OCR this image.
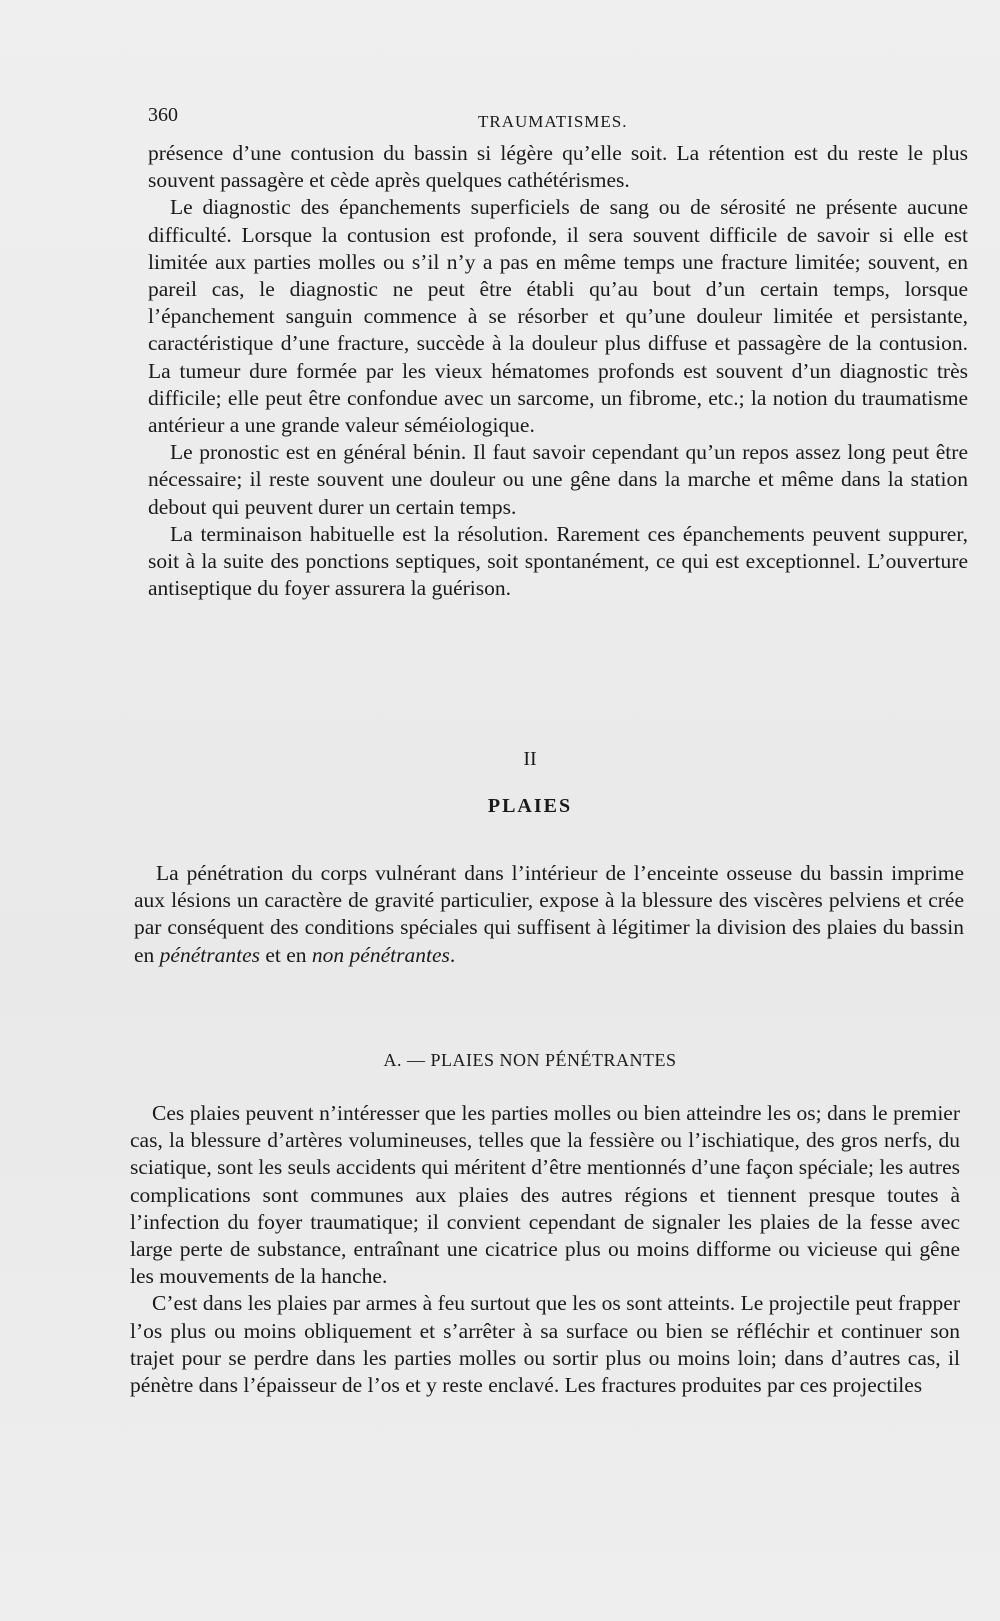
360	TRAUMATISMES.

présence d’une contusion du bassin si légère qu’elle soit. La rétention est du reste le plus souvent passagère et cède après quelques cathétérismes.

Le diagnostic des épanchements superficiels de sang ou de sérosité ne présente aucune difficulté. Lorsque la contusion est profonde, il sera souvent difficile de savoir si elle est limitée aux parties molles ou s’il n’y a pas en même temps une fracture limitée; souvent, en pareil cas, le diagnostic ne peut être établi qu’au bout d’un certain temps, lorsque l’épanchement sanguin commence à se résorber et qu’une douleur limitée et persistante, caractéristique d’une fracture, succède à la douleur plus diffuse et passagère de la contusion. La tumeur dure formée par les vieux hématomes profonds est souvent d’un diagnostic très difficile; elle peut être confondue avec un sarcome, un fibrome, etc.; la notion du traumatisme antérieur a une grande valeur séméiologique.

Le pronostic est en général bénin. Il faut savoir cependant qu’un repos assez long peut être nécessaire; il reste souvent une douleur ou une gêne dans la marche et même dans la station debout qui peuvent durer un certain temps.

La terminaison habituelle est la résolution. Rarement ces épanchements peuvent suppurer, soit à la suite des ponctions septiques, soit spontanément, ce qui est exceptionnel. L’ouverture antiseptique du foyer assurera la guérison.

II
PLAIES

La pénétration du corps vulnérant dans l’intérieur de l’enceinte osseuse du bassin imprime aux lésions un caractère de gravité particulier, expose à la blessure des viscères pelviens et crée par conséquent des conditions spéciales qui suffisent à légitimer la division des plaies du bassin en pénétrantes et en non pénétrantes.

A. — PLAIES NON PÉNÉTRANTES

Ces plaies peuvent n’intéresser que les parties molles ou bien atteindre les os; dans le premier cas, la blessure d’artères volumineuses, telles que la fessière ou l’ischiatique, des gros nerfs, du sciatique, sont les seuls accidents qui méritent d’être mentionnés d’une façon spéciale; les autres complications sont communes aux plaies des autres régions et tiennent presque toutes à l’infection du foyer traumatique; il convient cependant de signaler les plaies de la fesse avec large perte de substance, entraînant une cicatrice plus ou moins difforme ou vicieuse qui gêne les mouvements de la hanche.

C’est dans les plaies par armes à feu surtout que les os sont atteints. Le projectile peut frapper l’os plus ou moins obliquement et s’arrêter à sa surface ou bien se réfléchir et continuer son trajet pour se perdre dans les parties molles ou sortir plus ou moins loin; dans d’autres cas, il pénètre dans l’épaisseur de l’os et y reste enclavé. Les fractures produites par ces projectiles
